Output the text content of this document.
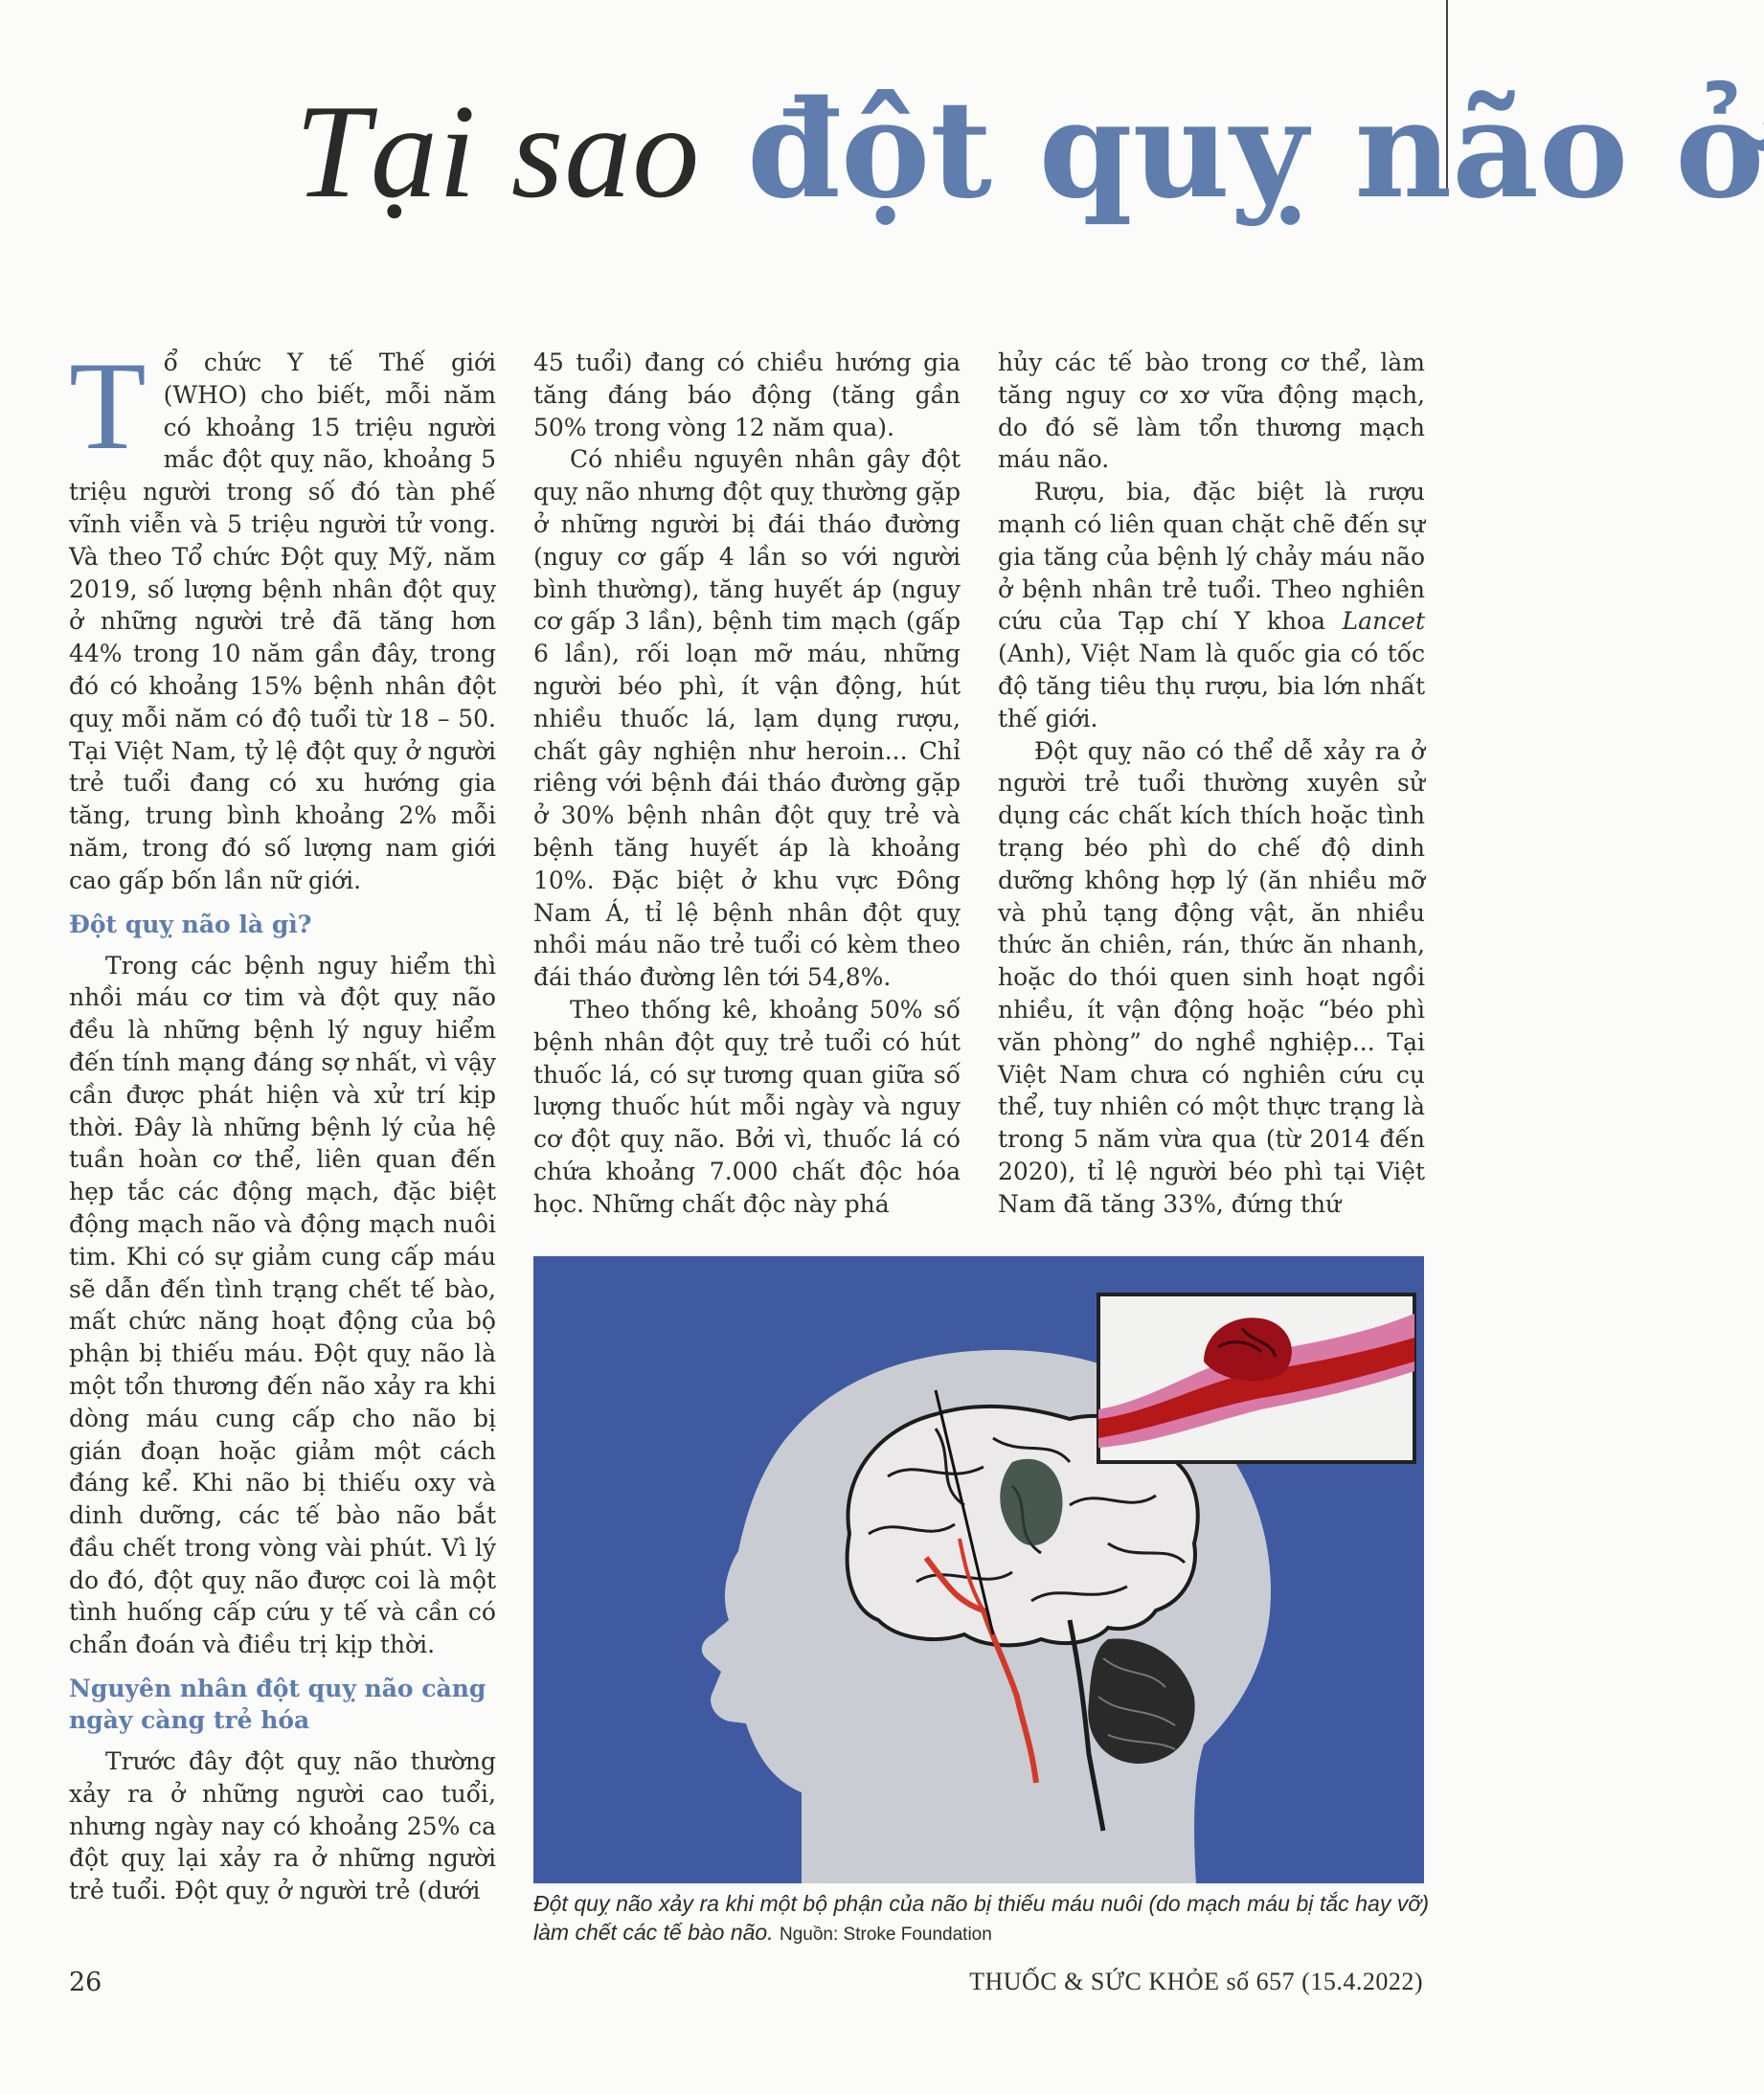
Tại sao đột quỵ não ở
T ổ chức Y tế Thế giới (WHO) cho biết, mỗi năm có khoảng 15 triệu người mắc đột quỵ não, khoảng 5 triệu người trong số đó tàn phế vĩnh viễn và 5 triệu người tử vong. Và theo Tổ chức Đột quỵ Mỹ, năm 2019, số lượng bệnh nhân đột quỵ ở những người trẻ đã tăng hơn 44% trong 10 năm gần đây, trong đó có khoảng 15% bệnh nhân đột quỵ mỗi năm có độ tuổi từ 18 – 50. Tại Việt Nam, tỷ lệ đột quỵ ở người trẻ tuổi đang có xu hướng gia tăng, trung bình khoảng 2% mỗi năm, trong đó số lượng nam giới cao gấp bốn lần nữ giới.

Đột quỵ não là gì?

Trong các bệnh nguy hiểm thì nhồi máu cơ tim và đột quỵ não đều là những bệnh lý nguy hiểm đến tính mạng đáng sợ nhất, vì vậy cần được phát hiện và xử trí kịp thời. Đây là những bệnh lý của hệ tuần hoàn cơ thể, liên quan đến hẹp tắc các động mạch, đặc biệt động mạch não và động mạch nuôi tim. Khi có sự giảm cung cấp máu sẽ dẫn đến tình trạng chết tế bào, mất chức năng hoạt động của bộ phận bị thiếu máu. Đột quỵ não là một tổn thương đến não xảy ra khi dòng máu cung cấp cho não bị gián đoạn hoặc giảm một cách đáng kể. Khi não bị thiếu oxy và dinh dưỡng, các tế bào não bắt đầu chết trong vòng vài phút. Vì lý do đó, đột quỵ não được coi là một tình huống cấp cứu y tế và cần có chẩn đoán và điều trị kịp thời.

Nguyên nhân đột quỵ não càng ngày càng trẻ hóa

Trước đây đột quỵ não thường xảy ra ở những người cao tuổi, nhưng ngày nay có khoảng 25% ca đột quỵ lại xảy ra ở những người trẻ tuổi. Đột quỵ ở người trẻ (dưới

45 tuổi) đang có chiều hướng gia tăng đáng báo động (tăng gần 50% trong vòng 12 năm qua).

Có nhiều nguyên nhân gây đột quỵ não nhưng đột quỵ thường gặp ở những người bị đái tháo đường (nguy cơ gấp 4 lần so với người bình thường), tăng huyết áp (nguy cơ gấp 3 lần), bệnh tim mạch (gấp 6 lần), rối loạn mỡ máu, những người béo phì, ít vận động, hút nhiều thuốc lá, lạm dụng rượu, chất gây nghiện như heroin... Chỉ riêng với bệnh đái tháo đường gặp ở 30% bệnh nhân đột quỵ trẻ và bệnh tăng huyết áp là khoảng 10%. Đặc biệt ở khu vực Đông Nam Á, tỉ lệ bệnh nhân đột quỵ nhồi máu não trẻ tuổi có kèm theo đái tháo đường lên tới 54,8%.

Theo thống kê, khoảng 50% số bệnh nhân đột quỵ trẻ tuổi có hút thuốc lá, có sự tương quan giữa số lượng thuốc hút mỗi ngày và nguy cơ đột quỵ não. Bởi vì, thuốc lá có chứa khoảng 7.000 chất độc hóa học. Những chất độc này phá

hủy các tế bào trong cơ thể, làm tăng nguy cơ xơ vữa động mạch, do đó sẽ làm tổn thương mạch máu não.

Rượu, bia, đặc biệt là rượu mạnh có liên quan chặt chẽ đến sự gia tăng của bệnh lý chảy máu não ở bệnh nhân trẻ tuổi. Theo nghiên cứu của Tạp chí Y khoa Lancet (Anh), Việt Nam là quốc gia có tốc độ tăng tiêu thụ rượu, bia lớn nhất thế giới.

Đột quỵ não có thể dễ xảy ra ở người trẻ tuổi thường xuyên sử dụng các chất kích thích hoặc tình trạng béo phì do chế độ dinh dưỡng không hợp lý (ăn nhiều mỡ và phủ tạng động vật, ăn nhiều thức ăn chiên, rán, thức ăn nhanh, hoặc do thói quen sinh hoạt ngồi nhiều, ít vận động hoặc “béo phì văn phòng” do nghề nghiệp... Tại Việt Nam chưa có nghiên cứu cụ thể, tuy nhiên có một thực trạng là trong 5 năm vừa qua (từ 2014 đến 2020), tỉ lệ người béo phì tại Việt Nam đã tăng 33%, đứng thứ

Đột quỵ não xảy ra khi một bộ phận của não bị thiếu máu nuôi (do mạch máu bị tắc hay vỡ) làm chết các tế bào não. Nguồn: Stroke Foundation
26	THUỐC & SỨC KHỎE số 657 (15.4.2022)
